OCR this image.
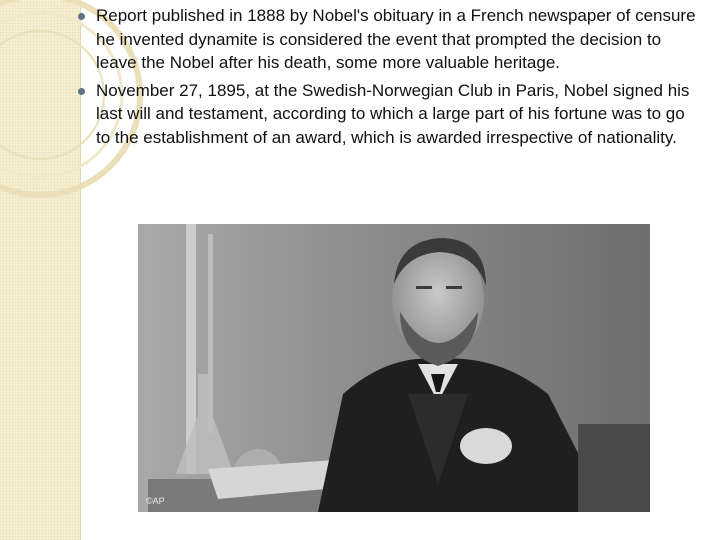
Report published in 1888 by Nobel's obituary in a French newspaper of censure he invented dynamite is considered the event that prompted the decision to leave the Nobel after his death, some more valuable heritage.
November 27, 1895, at the Swedish-Norwegian Club in Paris, Nobel signed his last will and testament, according to which a large part of his fortune was to go to the establishment of an award, which is awarded irrespective of nationality.
©AP
